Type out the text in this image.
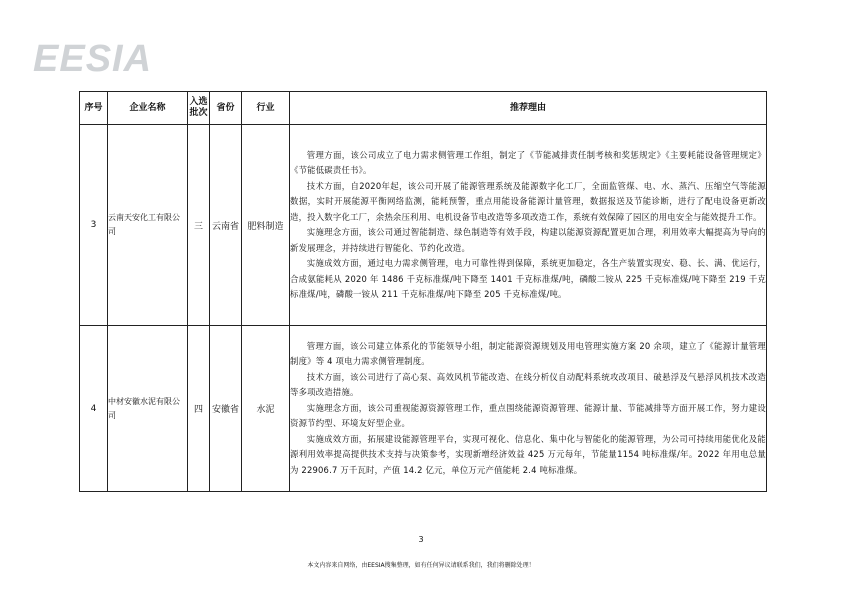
EESIA
序号	企业名称	入选批次	省份	行业	推荐理由
3	云南天安化工有限公司	三	云南省	肥料制造	管理方面，该公司成立了电力需求侧管理工作组，制定了《节能减排责任制考核和奖惩规定》《主要耗能设备管理规定》《节能低碳责任书》。

技术方面，自2020年起，该公司开展了能源管理系统及能源数字化工厂，全面监管煤、电、水、蒸汽、压缩空气等能源数据，实时开展能源平衡网络监测，能耗预警，重点用能设备能源计量管理，数据报送及节能诊断，进行了配电设备更新改造，投入数字化工厂，余热余压利用、电机设备节电改造等多项改造工作，系统有效保障了园区的用电安全与能效提升工作。

实施理念方面，该公司通过智能制造、绿色制造等有效手段，构建以能源资源配置更加合理，利用效率大幅提高为导向的新发展理念，并持续进行智能化、节约化改造。

实施成效方面，通过电力需求侧管理，电力可靠性得到保障，系统更加稳定，各生产装置实现安、稳、长、满、优运行，合成氨能耗从 2020 年 1486 千克标准煤/吨下降至 1401 千克标准煤/吨，磷酸二铵从 225 千克标准煤/吨下降至 219 千克标准煤/吨，磷酸一铵从 211 千克标准煤/吨下降至 205 千克标准煤/吨。

4	中材安徽水泥有限公司	四	安徽省	水泥	管理方面，该公司建立体系化的节能领导小组，制定能源资源规划及用电管理实施方案 20 余项，建立了《能源计量管理制度》等 4 项电力需求侧管理制度。

技术方面，该公司进行了高心泵、高效风机节能改造、在线分析仪自动配料系统攻改项目、破悬浮及气悬浮风机技术改造等多项改造措施。

实施理念方面，该公司重视能源资源管理工作，重点围绕能源资源管理、能源计量、节能减排等方面开展工作，努力建设资源节约型、环境友好型企业。

实施成效方面，拓展建设能源管理平台，实现可视化、信息化、集中化与智能化的能源管理，为公司可持续用能优化及能源利用效率提高提供技术支持与决策参考，实现新增经济效益 425 万元每年，节能量1154 吨标准煤/年。2022 年用电总量为 22906.7 万千瓦时，产值 14.2 亿元，单位万元产值能耗 2.4 吨标准煤。

3
本文内容来自网络，由EESIA搜集整理，如有任何异议请联系我们，我们将删除处理！
